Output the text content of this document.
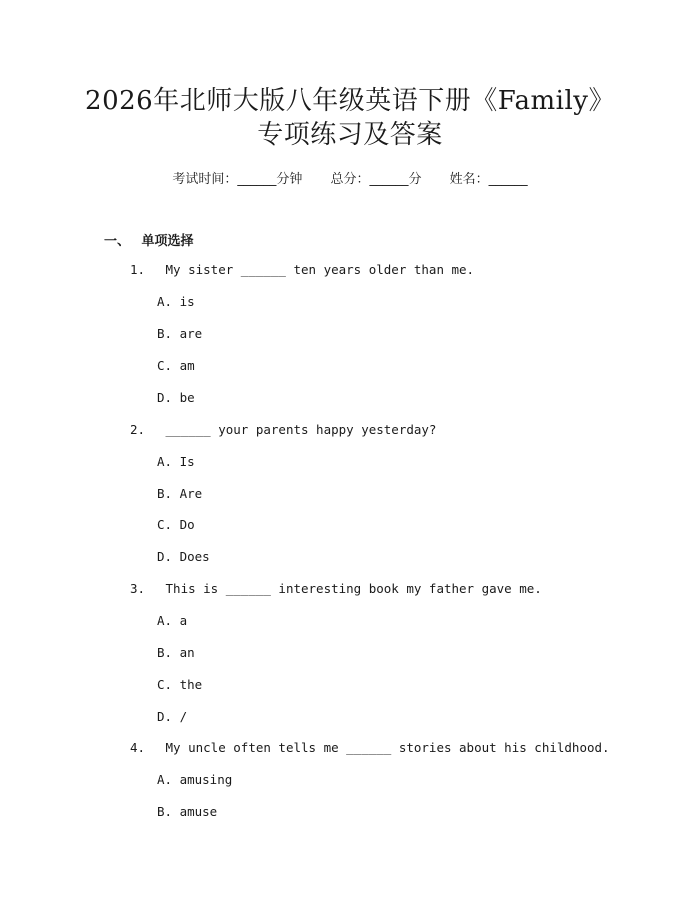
2026年北师大版八年级英语下册《Family》
专项练习及答案
考试时间：______分钟 总分：______分 姓名：______
一、 单项选择
1. My sister ______ ten years older than me.
A. is
B. are
C. am
D. be
2. ______ your parents happy yesterday?
A. Is
B. Are
C. Do
D. Does
3. This is ______ interesting book my father gave me.
A. a
B. an
C. the
D. /
4. My uncle often tells me ______ stories about his childhood.
A. amusing
B. amuse
